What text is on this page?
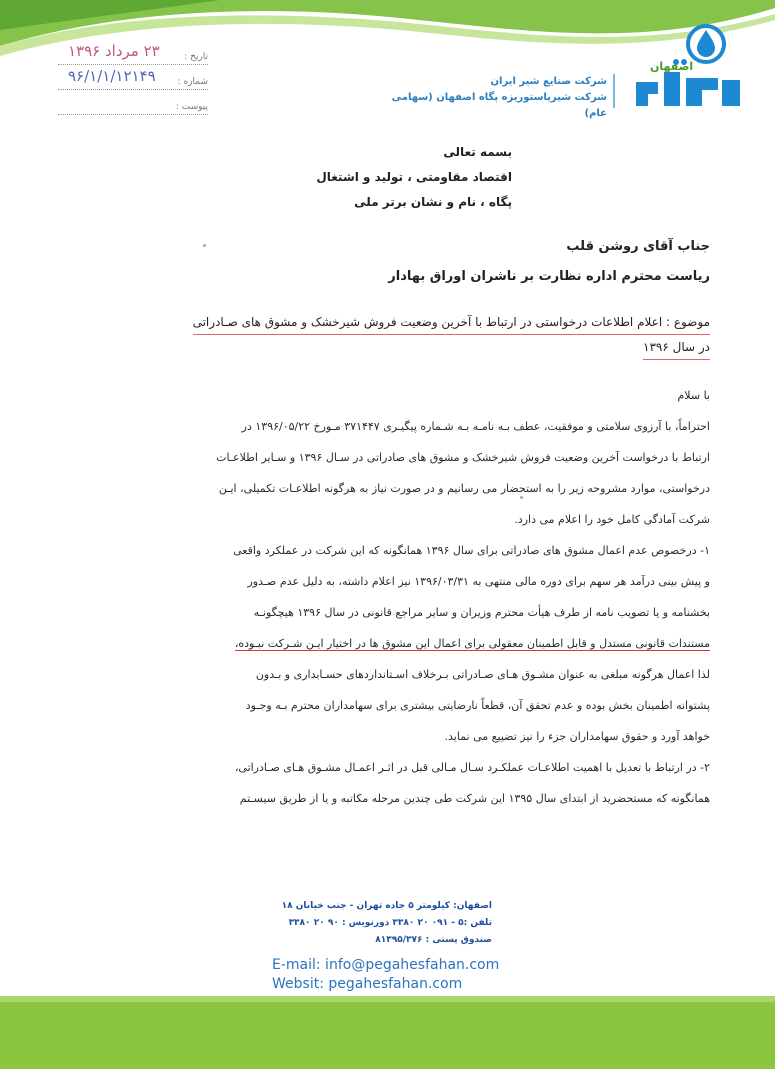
اصفهان
شرکت صنایع شیر ایران
شرکت شیرپاستوریزه پگاه اصفهان (سهامی عام)
تاریخ :
۲۳ مرداد ۱۳۹۶
شماره :
۹۶/۱/۱/۱۲۱۴۹
پیوست :
بسمه تعالی
اقتصاد مقاومتی ، تولید و اشتغال
پگاه ، نام و نشان برتر ملی
جناب آقای روشن قلب
ریاست محترم اداره نظارت بر ناشران اوراق بهادار
موضوع : اعلام اطلاعات درخواستی در ارتباط با آخرین وضعیت فروش شیرخشک و مشوق های صـادراتی
در سال ۱۳۹۶
با سلام
احتراماً، با آرزوی سلامتی و موفقیت، عطف بـه نامـه بـه شـماره پیگیـری ۳۷۱۴۴۷ مـورخ ۱۳۹۶/۰۵/۲۲ در
ارتباط با درخواست آخرین وضعیت فروش شیرخشک و مشوق های صادراتی در سـال ۱۳۹۶ و سـایر اطلاعـات
درخواستی، موارد مشروحه زیر را به استحضار می رسانیم و در صورت نیاز به هرگونه اطلاعـات تکمیلی، ایـن
شرکت آمادگی کامل خود را اعلام می دارد.
۱- درخصوص عدم اعمال مشوق های صادراتی برای سال ۱۳۹۶ همانگونه که این شرکت در عملکرد واقعی
و پیش بینی درآمد هر سهم برای دوره مالی منتهی به ۱۳۹۶/۰۳/۳۱ نیز اعلام داشته، به دلیل عدم صـدور
بخشنامه و یا تصویب نامه از طرف هیأت محترم وزیران و سایر مراجع قانونی در سال ۱۳۹۶ هیچگونـه
مستندات قانونی مستدل و قابل اطمینان معقولی برای اعمال این مشوق ها در اختیار ایـن شـرکت نبـوده،
لذا اعمال هرگونه مبلغی به عنوان مشـوق هـای صـادراتی بـرخلاف اسـتانداردهای حسـابداری و بـدون
پشتوانه اطمینان بخش بوده و عدم تحقق آن، قطعاً نارضایتی بیشتری برای سهامداران محترم بـه وجـود
خواهد آورد و حقوق سهامداران جزء را نیز تضییع می نماید.
۲- در ارتباط با تعدیل با اهمیت اطلاعـات عملکـرد سـال مـالی قبل در اثـر اعمـال مشـوق هـای صـادراتی،
همانگونه که مستحضرید از ابتدای سال ۱۳۹۵ این شرکت طی چندین مرحله مکاتبه و یا از طریق سیسـتم
اصفهان: کیلومتر ۵ جاده تهران - جنب خیابان ۱۸
تلفن :۵ - ۰۹۱ ۲۰ ۳۳۸۰ دورنویس : ۹۰ ۲۰ ۳۳۸۰
صندوق پستی : ۸۱۳۹۵/۳۷۶
E-mail: info@pegahesfahan.com
Websit: pegahesfahan.com
